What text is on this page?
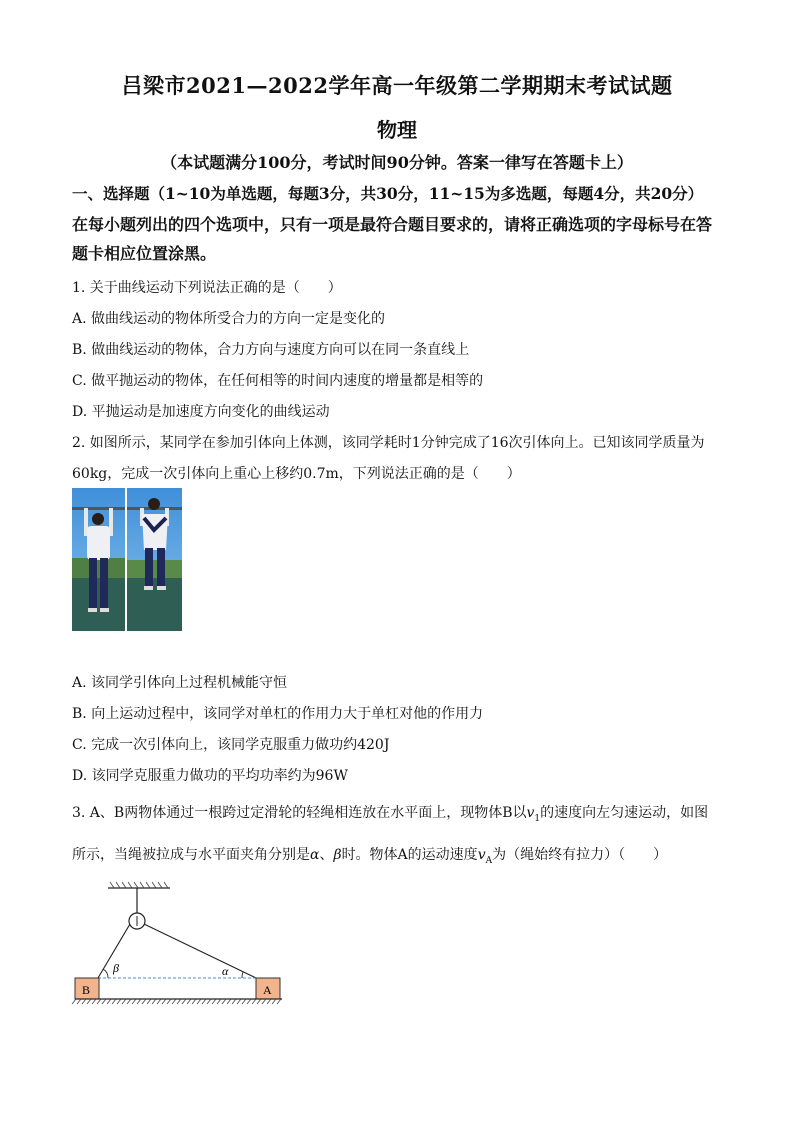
吕梁市2021—2022学年高一年级第二学期期末考试试题
物理
（本试题满分100分，考试时间90分钟。答案一律写在答题卡上）
一、选择题（1~10为单选题，每题3分，共30分，11~15为多选题，每题4分，共20分）
在每小题列出的四个选项中，只有一项是最符合题目要求的，请将正确选项的字母标号在答
题卡相应位置涂黑。
1. 关于曲线运动下列说法正确的是（　　）
A. 做曲线运动的物体所受合力的方向一定是变化的
B. 做曲线运动的物体，合力方向与速度方向可以在同一条直线上
C. 做平抛运动的物体，在任何相等的时间内速度的增量都是相等的
D. 平抛运动是加速度方向变化的曲线运动
2. 如图所示，某同学在参加引体向上体测，该同学耗时1分钟完成了16次引体向上。已知该同学质量为
60kg，完成一次引体向上重心上移约0.7m，下列说法正确的是（　　）
A. 该同学引体向上过程机械能守恒
B. 向上运动过程中，该同学对单杠的作用力大于单杠对他的作用力
C. 完成一次引体向上，该同学克服重力做功约420J
D. 该同学克服重力做功的平均功率约为96W
3. A、B两物体通过一根跨过定滑轮的轻绳相连放在水平面上，现物体B以$v_1$的速度向左匀速运动，如图
所示，当绳被拉成与水平面夹角分别是α、β时。物体A的运动速度$v_A$为（绳始终有拉力）（　　）
B	A
β	α
